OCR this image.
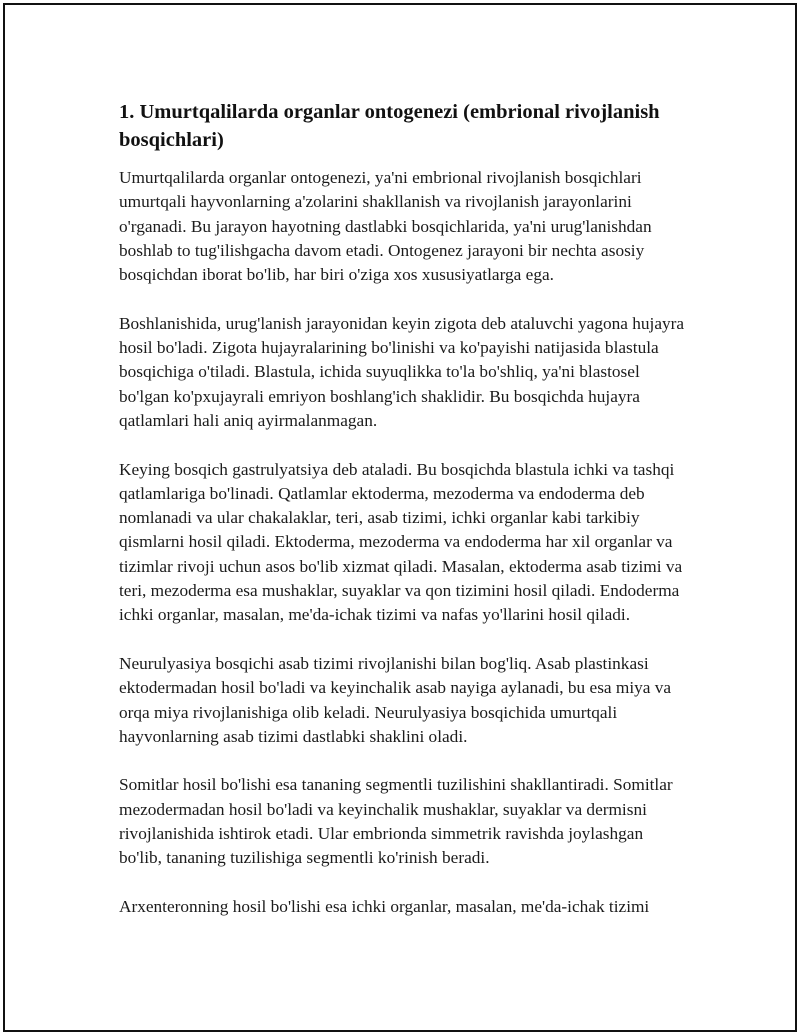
1. Umurtqalilarda organlar ontogenezi (embrional rivojlanish bosqichlari)

Umurtqalilarda organlar ontogenezi, ya'ni embrional rivojlanish bosqichlari umurtqali hayvonlarning a'zolarini shakllanish va rivojlanish jarayonlarini o'rganadi. Bu jarayon hayotning dastlabki bosqichlarida, ya'ni urug'lanishdan boshlab to tug'ilishgacha davom etadi. Ontogenez jarayoni bir nechta asosiy bosqichdan iborat bo'lib, har biri o'ziga xos xususiyatlarga ega.

Boshlanishida, urug'lanish jarayonidan keyin zigota deb ataluvchi yagona hujayra hosil bo'ladi. Zigota hujayralarining bo'linishi va ko'payishi natijasida blastula bosqichiga o'tiladi. Blastula, ichida suyuqlikka to'la bo'shliq, ya'ni blastosel bo'lgan ko'pxujayrali emriyon boshlang'ich shaklidir. Bu bosqichda hujayra qatlamlari hali aniq ayirmalanmagan.

Keying bosqich gastrulyatsiya deb ataladi. Bu bosqichda blastula ichki va tashqi qatlamlariga bo'linadi. Qatlamlar ektoderma, mezoderma va endoderma deb nomlanadi va ular chakalaklar, teri, asab tizimi, ichki organlar kabi tarkibiy qismlarni hosil qiladi. Ektoderma, mezoderma va endoderma har xil organlar va tizimlar rivoji uchun asos bo'lib xizmat qiladi. Masalan, ektoderma asab tizimi va teri, mezoderma esa mushaklar, suyaklar va qon tizimini hosil qiladi. Endoderma ichki organlar, masalan, me'da-ichak tizimi va nafas yo'llarini hosil qiladi.

Neurulyasiya bosqichi asab tizimi rivojlanishi bilan bog'liq. Asab plastinkasi ektodermadan hosil bo'ladi va keyinchalik asab nayiga aylanadi, bu esa miya va orqa miya rivojlanishiga olib keladi. Neurulyasiya bosqichida umurtqali hayvonlarning asab tizimi dastlabki shaklini oladi.

Somitlar hosil bo'lishi esa tananing segmentli tuzilishini shakllantiradi. Somitlar mezodermadan hosil bo'ladi va keyinchalik mushaklar, suyaklar va dermisni rivojlanishida ishtirok etadi. Ular embrionda simmetrik ravishda joylashgan bo'lib, tananing tuzilishiga segmentli ko'rinish beradi.

Arxenteronning hosil bo'lishi esa ichki organlar, masalan, me'da-ichak tizimi
